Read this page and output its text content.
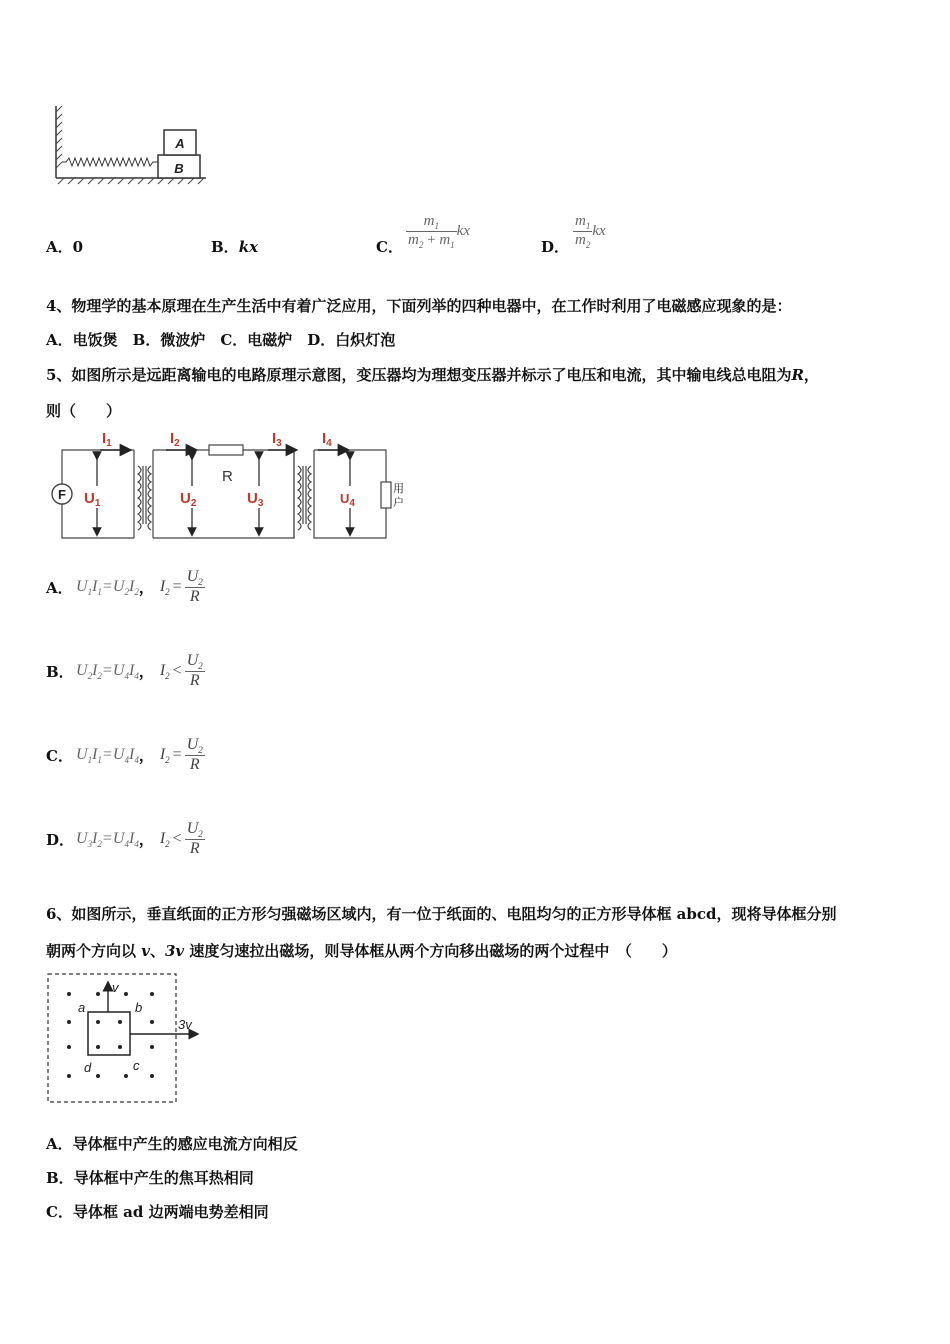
B
A
A．0	B．kx	C． $\frac{m_1}{m_2 + m_1}$ kx
D． $\frac{m_1}{m_2}$ kx
4、物理学的基本原理在生产生活中有着广泛应用，下面列举的四种电器中，在工作时利用了电磁感应现象的是：
A．电饭煲　B．微波炉　C．电磁炉　D．白炽灯泡
5、如图所示是远距离输电的电路原理示意图，变压器均为理想变压器并标示了电压和电流，其中输电线总电阻为R，
则（　　）
R
F	用
户
$I_1$	$I_2$	$I_3$	$I_4$
$U_1$	$U_2$	$U_3$	$U_4$
A． $U_1I_1=U_2I_2$， $I_2 = \frac{U_2}{R}$
B． $U_2I_2=U_4I_4$， $I_2 < \frac{U_2}{R}$
C． $U_1I_1=U_4I_4$， $I_2 = \frac{U_2}{R}$
D． $U_3I_2=U_4I_4$， $I_2 < \frac{U_2}{R}$
6、如图所示，垂直纸面的正方形匀强磁场区域内，有一位于纸面的、电阻均匀的正方形导体框 abcd，现将导体框分别
朝两个方向以 v、3v 速度匀速拉出磁场，则导体框从两个方向移出磁场的两个过程中　（　　）
a	b
c
d
v
3v
A．导体框中产生的感应电流方向相反
B．导体框中产生的焦耳热相同
C．导体框 ad 边两端电势差相同
